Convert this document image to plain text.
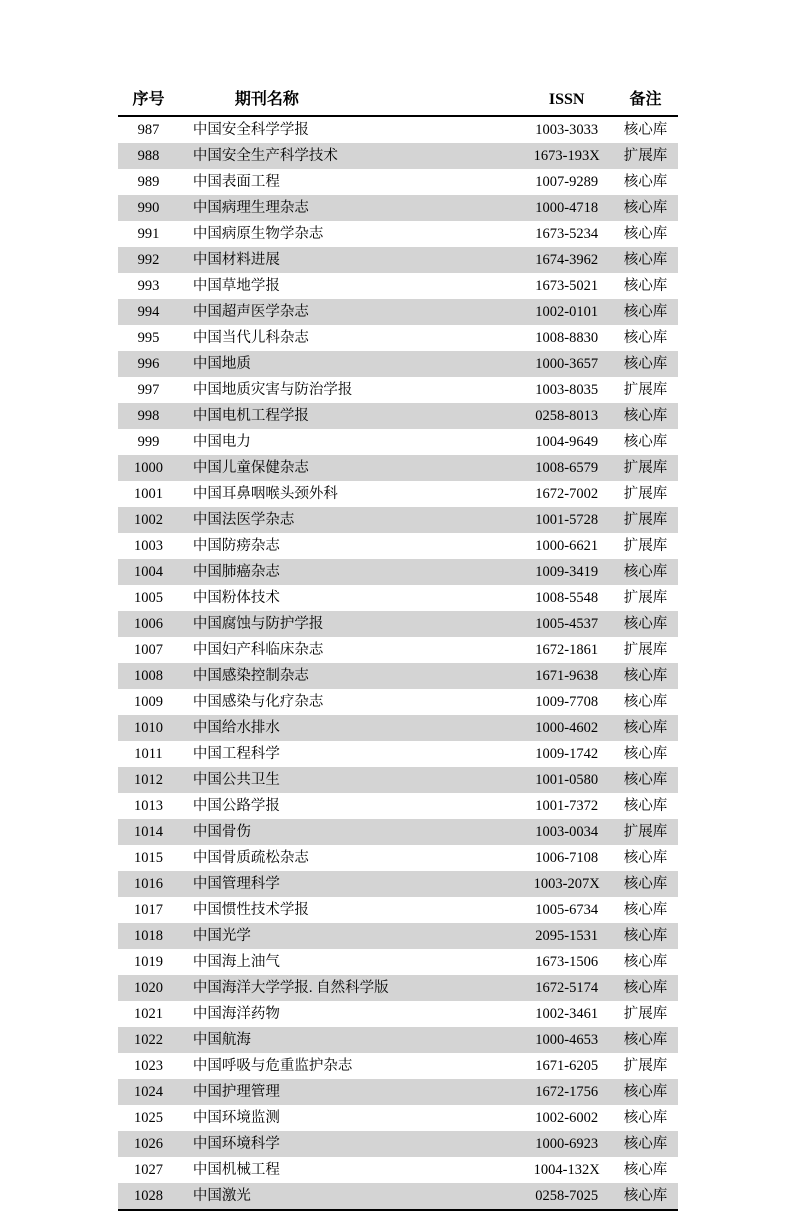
序号	期刊名称	ISSN	备注
987	中国安全科学学报	1003-3033	核心库
988	中国安全生产科学技术	1673-193X	扩展库
989	中国表面工程	1007-9289	核心库
990	中国病理生理杂志	1000-4718	核心库
991	中国病原生物学杂志	1673-5234	核心库
992	中国材料进展	1674-3962	核心库
993	中国草地学报	1673-5021	核心库
994	中国超声医学杂志	1002-0101	核心库
995	中国当代儿科杂志	1008-8830	核心库
996	中国地质	1000-3657	核心库
997	中国地质灾害与防治学报	1003-8035	扩展库
998	中国电机工程学报	0258-8013	核心库
999	中国电力	1004-9649	核心库
1000	中国儿童保健杂志	1008-6579	扩展库
1001	中国耳鼻咽喉头颈外科	1672-7002	扩展库
1002	中国法医学杂志	1001-5728	扩展库
1003	中国防痨杂志	1000-6621	扩展库
1004	中国肺癌杂志	1009-3419	核心库
1005	中国粉体技术	1008-5548	扩展库
1006	中国腐蚀与防护学报	1005-4537	核心库
1007	中国妇产科临床杂志	1672-1861	扩展库
1008	中国感染控制杂志	1671-9638	核心库
1009	中国感染与化疗杂志	1009-7708	核心库
1010	中国给水排水	1000-4602	核心库
1011	中国工程科学	1009-1742	核心库
1012	中国公共卫生	1001-0580	核心库
1013	中国公路学报	1001-7372	核心库
1014	中国骨伤	1003-0034	扩展库
1015	中国骨质疏松杂志	1006-7108	核心库
1016	中国管理科学	1003-207X	核心库
1017	中国惯性技术学报	1005-6734	核心库
1018	中国光学	2095-1531	核心库
1019	中国海上油气	1673-1506	核心库
1020	中国海洋大学学报. 自然科学版	1672-5174	核心库
1021	中国海洋药物	1002-3461	扩展库
1022	中国航海	1000-4653	核心库
1023	中国呼吸与危重监护杂志	1671-6205	扩展库
1024	中国护理管理	1672-1756	核心库
1025	中国环境监测	1002-6002	核心库
1026	中国环境科学	1000-6923	核心库
1027	中国机械工程	1004-132X	核心库
1028	中国激光	0258-7025	核心库
